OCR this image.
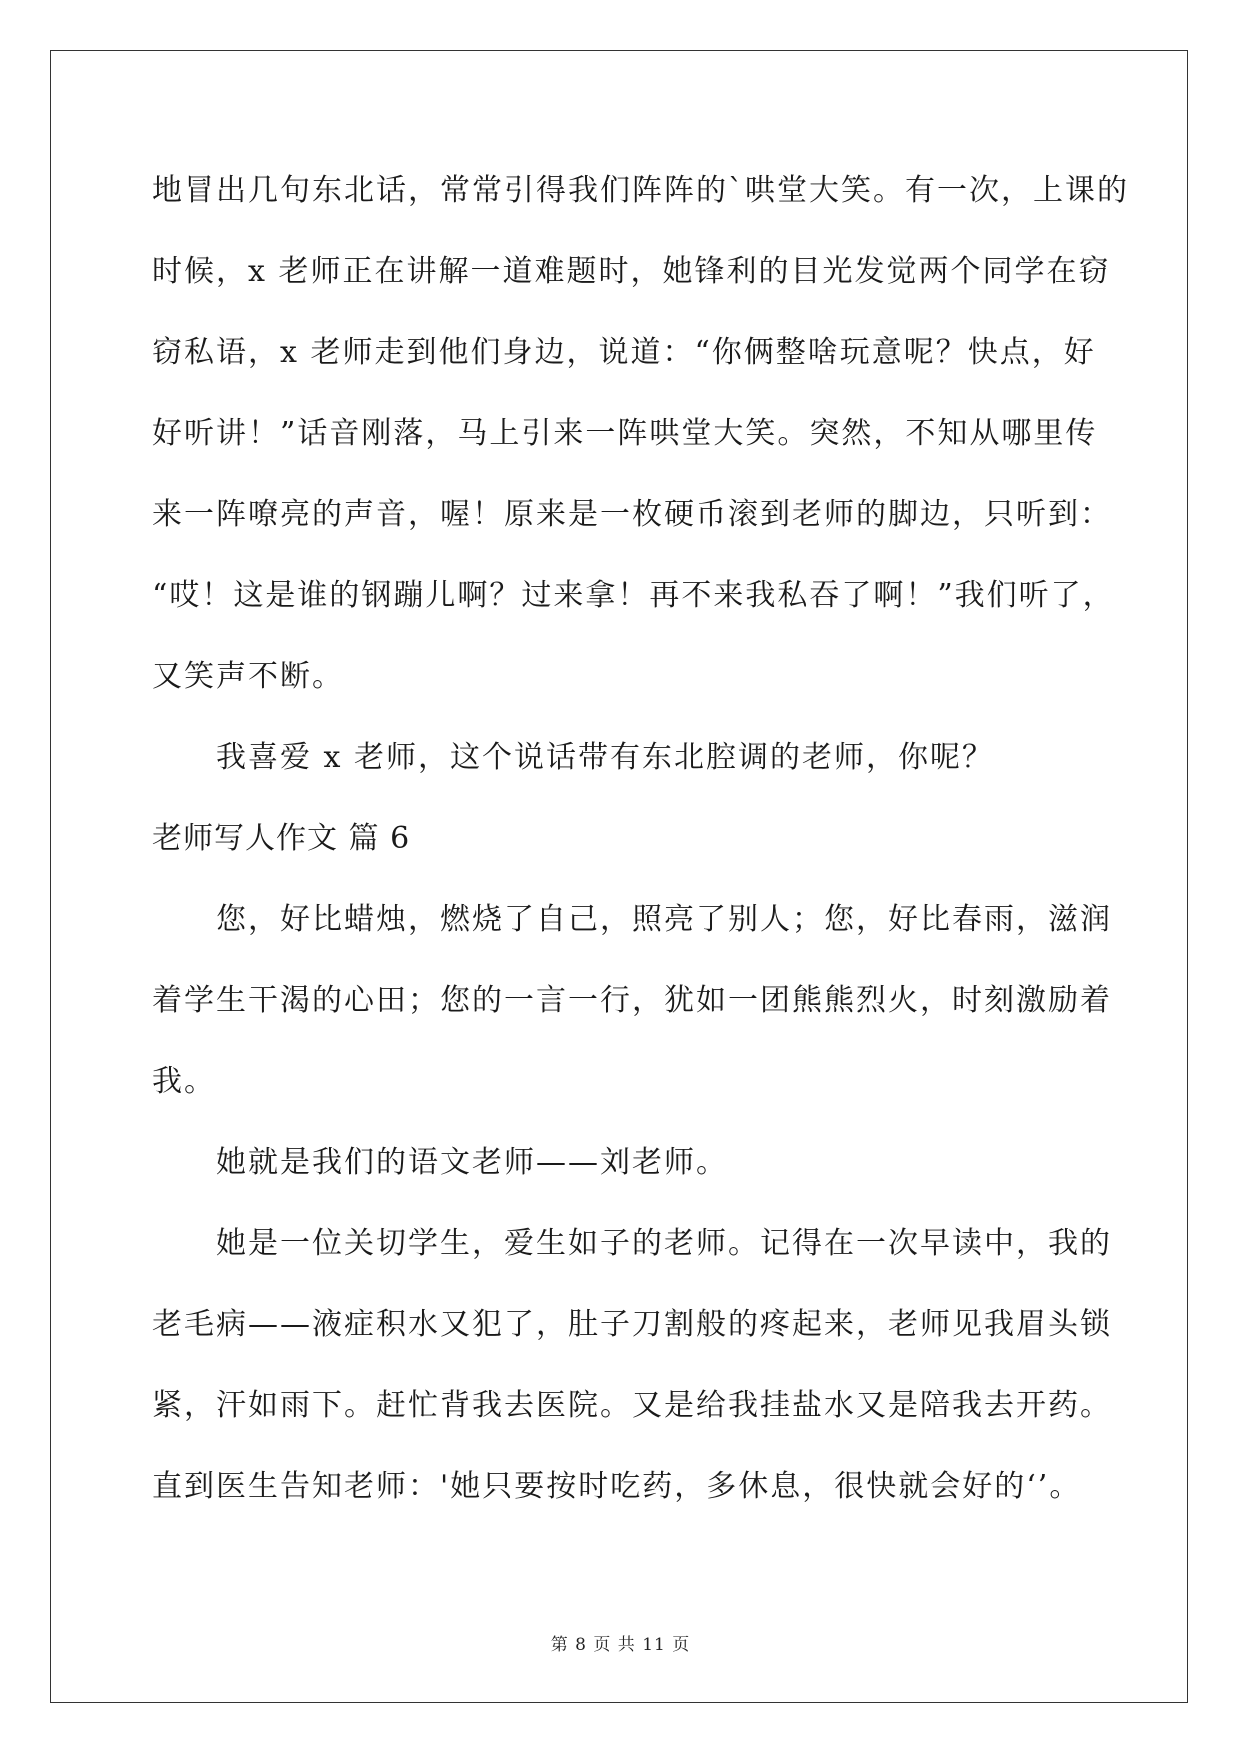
地冒出几句东北话，常常引得我们阵阵的`哄堂大笑。有一次，上课的
时候，x 老师正在讲解一道难题时，她锋利的目光发觉两个同学在窃
窃私语，x 老师走到他们身边，说道：“你俩整啥玩意呢？快点，好
好听讲！”话音刚落，马上引来一阵哄堂大笑。突然，不知从哪里传
来一阵嘹亮的声音，喔！原来是一枚硬币滚到老师的脚边，只听到：
“哎！这是谁的钢蹦儿啊？过来拿！再不来我私吞了啊！”我们听了，
又笑声不断。
我喜爱 x 老师，这个说话带有东北腔调的老师，你呢？
老师写人作文 篇 6
您，好比蜡烛，燃烧了自己，照亮了别人；您，好比春雨，滋润
着学生干渴的心田；您的一言一行，犹如一团熊熊烈火，时刻激励着
我。
她就是我们的语文老师——刘老师。
她是一位关切学生，爱生如子的老师。记得在一次早读中，我的
老毛病——液症积水又犯了，肚子刀割般的疼起来，老师见我眉头锁
紧，汗如雨下。赶忙背我去医院。又是给我挂盐水又是陪我去开药。
直到医生告知老师：'她只要按时吃药，多休息，很快就会好的‘’。
第 8 页 共 11 页
